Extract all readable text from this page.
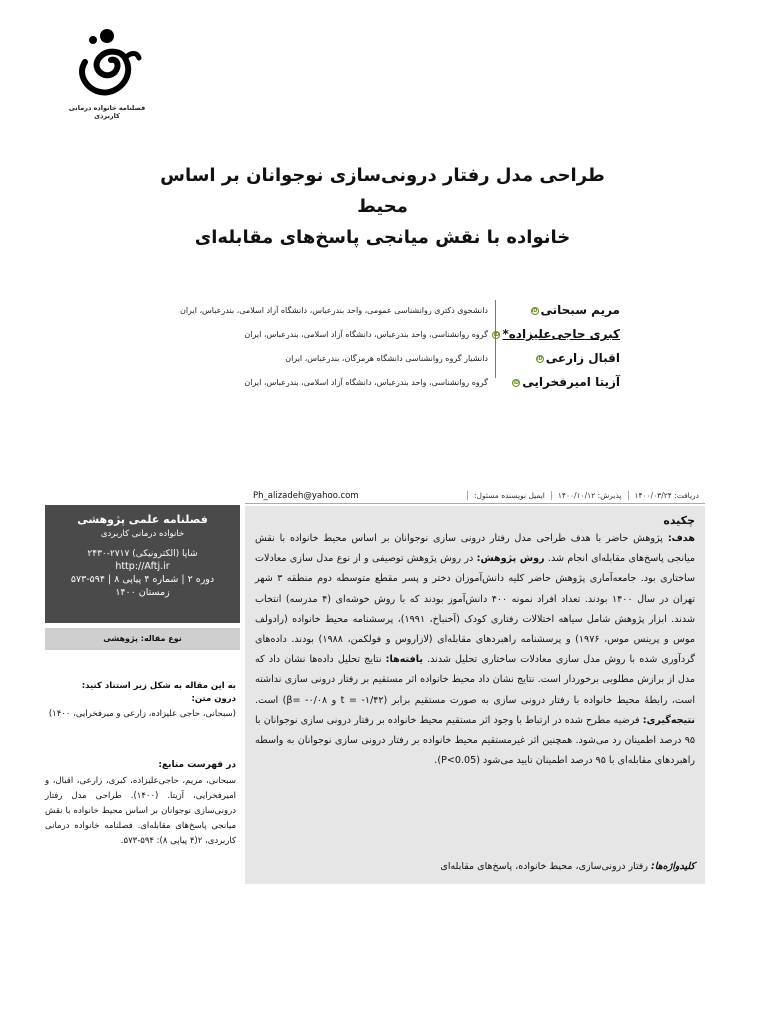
فصلنامه خانواده درمانی کاربردی
طراحی مدل رفتار درونی‌سازی نوجوانان بر اساس محیط
خانواده با نقش میانجی پاسخ‌های مقابله‌ای
مریم سبحانیiD
دانشجوی دکتری روانشناسی عمومی، واحد بندرعباس، دانشگاه آزاد اسلامی، بندرعباس، ایران
کبری حاجی‌علیزاده*iD
گروه روانشناسی، واحد بندرعباس، دانشگاه آزاد اسلامی، بندرعباس، ایران
اقبال زارعیiD
دانشیار گروه روانشناسی دانشگاه هرمزگان، بندرعباس، ایران
آزیتا امیرفخراییiD
گروه روانشناسی، واحد بندرعباس، دانشگاه آزاد اسلامی، بندرعباس، ایران
دریافت: ۱۴۰۰/۰۳/۲۴
پذیرش: ۱۴۰۰/۱۰/۱۲
ایمیل نویسنده مسئول:
Ph_alizadeh@yahoo.com
فصلنامه علمی پژوهشی
خانواده درمانی کاربردی
شاپا (الکترونیکی) ۲۷۱۷-۲۴۳۰
http://Aftj.ir
دوره ۲ | شماره ۴ پیاپی ۸ | ۵۹۴-۵۷۳
زمستان ۱۴۰۰
نوع مقاله: پژوهشی
به این مقاله به شکل زیر استناد کنید:
درون متن:
(سبحانی، حاجی علیزاده، زارعی و میرفخرایی، ۱۴۰۰)
در فهرست منابع:
سبحانی، مریم، حاجی‌علیزاده، کبری، زارعی، اقبال، و امیرفخرایی، آزیتا. (۱۴۰۰). طراحی مدل رفتار درونی‌سازی نوجوانان بر اساس محیط خانواده با نقش میانجی پاسخ‌های مقابله‌ای. فصلنامه خانواده درمانی کاربردی، ۲(۴ پیاپی ۸): ۵۹۴-۵۷۳.
چکیده
هدف: پژوهش حاضر با هدف طراحی مدل رفتار درونی سازی نوجوانان بر اساس محیط خانواده با نقش میانجی پاسخ‌های مقابله‌ای انجام شد. روش پژوهش: در روش پژوهش توصیفی و از نوع مدل سازی معادلات ساختاری بود. جامعه‌آماری پژوهش حاضر کلیه دانش‌آموزان دختر و پسر مقطع متوسطه دوم منطقه ۳ شهر تهران در سال ۱۴۰۰ بودند. تعداد افراد نمونه ۴۰۰ دانش‌آموز بودند که با روش خوشه‌ای (۴ مدرسه) انتخاب شدند. ابزار پژوهش شامل سیاهه اختلالات رفتاری کودک (آخنباخ، ۱۹۹۱)، پرسشنامه محیط خانواده (رادولف موس و پرینس موس، ۱۹۷۶) و پرسشنامه راهبردهای مقابله‌ای (لازاروس و فولکمن، ۱۹۸۸) بودند. داده‌های گردآوری شده با روش مدل سازی معادلات ساختاری تحلیل شدند. یافته‌ها: نتایج تحلیل داده‌ها نشان داد که مدل از برازش مطلوبی برخوردار است. نتایج نشان داد محیط خانواده اثر مستقیم بر رفتار درونی سازی نداشته است، رابطهٔ محیط خانواده با رفتار درونی سازی به صورت مستقیم برابر (۱/۴۲- = t و ۰/۰۸- =β) است. نتیجه‌گیری: فرضیه مطرح شده در ارتباط با وجود اثر مستقیم محیط خانواده بر رفتار درونی سازی نوجوانان با ۹۵ درصد اطمینان رد می‌شود. همچنین اثر غیرمستقیم محیط خانواده بر رفتار درونی سازی نوجوانان به واسطه راهبردهای مقابله‌ای با ۹۵ درصد اطمینان تایید می‌شود (P<0.05).
کلیدواژه‌ها: رفتار درونی‌سازی، محیط خانواده، پاسخ‌های مقابله‌ای
